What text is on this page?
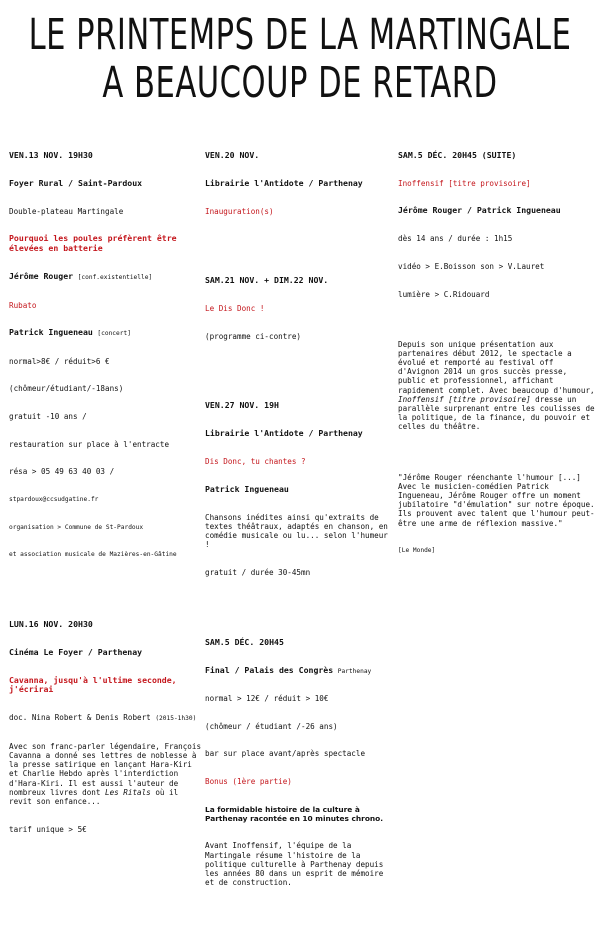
LE PRINTEMPS DE LA MARTINGALE
A BEAUCOUP DE RETARD

VEN.13 NOV. 19H30

Foyer Rural / Saint-Pardoux

Double-plateau Martingale

Pourquoi les poules préfèrent être élevées en batterie

Jérôme Rouger [conf.existentielle]

Rubato

Patrick Ingueneau [concert]

normal>8€ / réduit>6 €

(chômeur/étudiant/-18ans)

gratuit -10 ans /

restauration sur place à l'entracte

résa > 05 49 63 40 03 /

stpardoux@ccsudgatine.fr

organisation > Commune de St-Pardoux

et association musicale de Mazières-en-Gâtine

LUN.16 NOV. 20H30

Cinéma Le Foyer / Parthenay

Cavanna, jusqu'à l'ultime seconde, j'écrirai

doc. Nina Robert & Denis Robert (2015-1h30)

Avec son franc-parler légendaire, François Cavanna a donné ses lettres de noblesse à la presse satirique en lançant Hara-Kiri et Charlie Hebdo après l'interdiction d'Hara-Kiri. Il est aussi l'auteur de nombreux livres dont Les Ritals où il revit son enfance...

tarif unique > 5€

VEN.20 NOV.

Librairie l'Antidote / Parthenay

Inauguration(s)

SAM.21 NOV. + DIM.22 NOV.

Le Dis Donc !

(programme ci-contre)

VEN.27 NOV. 19H

Librairie l'Antidote / Parthenay

Dis Donc, tu chantes ?

Patrick Ingueneau

Chansons inédites ainsi qu'extraits de textes théâtraux, adaptés en chanson, en comédie musicale ou lu... selon l'humeur !

gratuit / durée 30-45mn

SAM.5 DÉC. 20H45

Final / Palais des Congrès Parthenay

normal > 12€ / réduit > 10€

(chômeur / étudiant /-26 ans)

bar sur place avant/après spectacle

Bonus (1ère partie)

La formidable histoire de la culture à Parthenay racontée en 10 minutes chrono.

Avant Inoffensif, l'équipe de la Martingale résume l'histoire de la politique culturelle à Parthenay depuis les années 80 dans un esprit de mémoire et de construction.

SAM.5 DÉC. 20H45 (SUITE)

Inoffensif [titre provisoire]

Jérôme Rouger / Patrick Ingueneau

dès 14 ans / durée : 1h15

vidéo > E.Boisson son > V.Lauret

lumière > C.Ridouard

Depuis son unique présentation aux partenaires début 2012, le spectacle a évolué et remporté au festival off d'Avignon 2014 un gros succès presse, public et professionnel, affichant rapidement complet. Avec beaucoup d'humour, Inoffensif [titre provisoire] dresse un parallèle surprenant entre les coulisses de la politique, de la finance, du pouvoir et celles du théâtre.

"Jérôme Rouger réenchante l'humour [...] Avec le musicien-comédien Patrick Ingueneau, Jérôme Rouger offre un moment jubilatoire "d'émulation" sur notre époque. Ils prouvent avec talent que l'humour peut-être une arme de réflexion massive."

[Le Monde]
